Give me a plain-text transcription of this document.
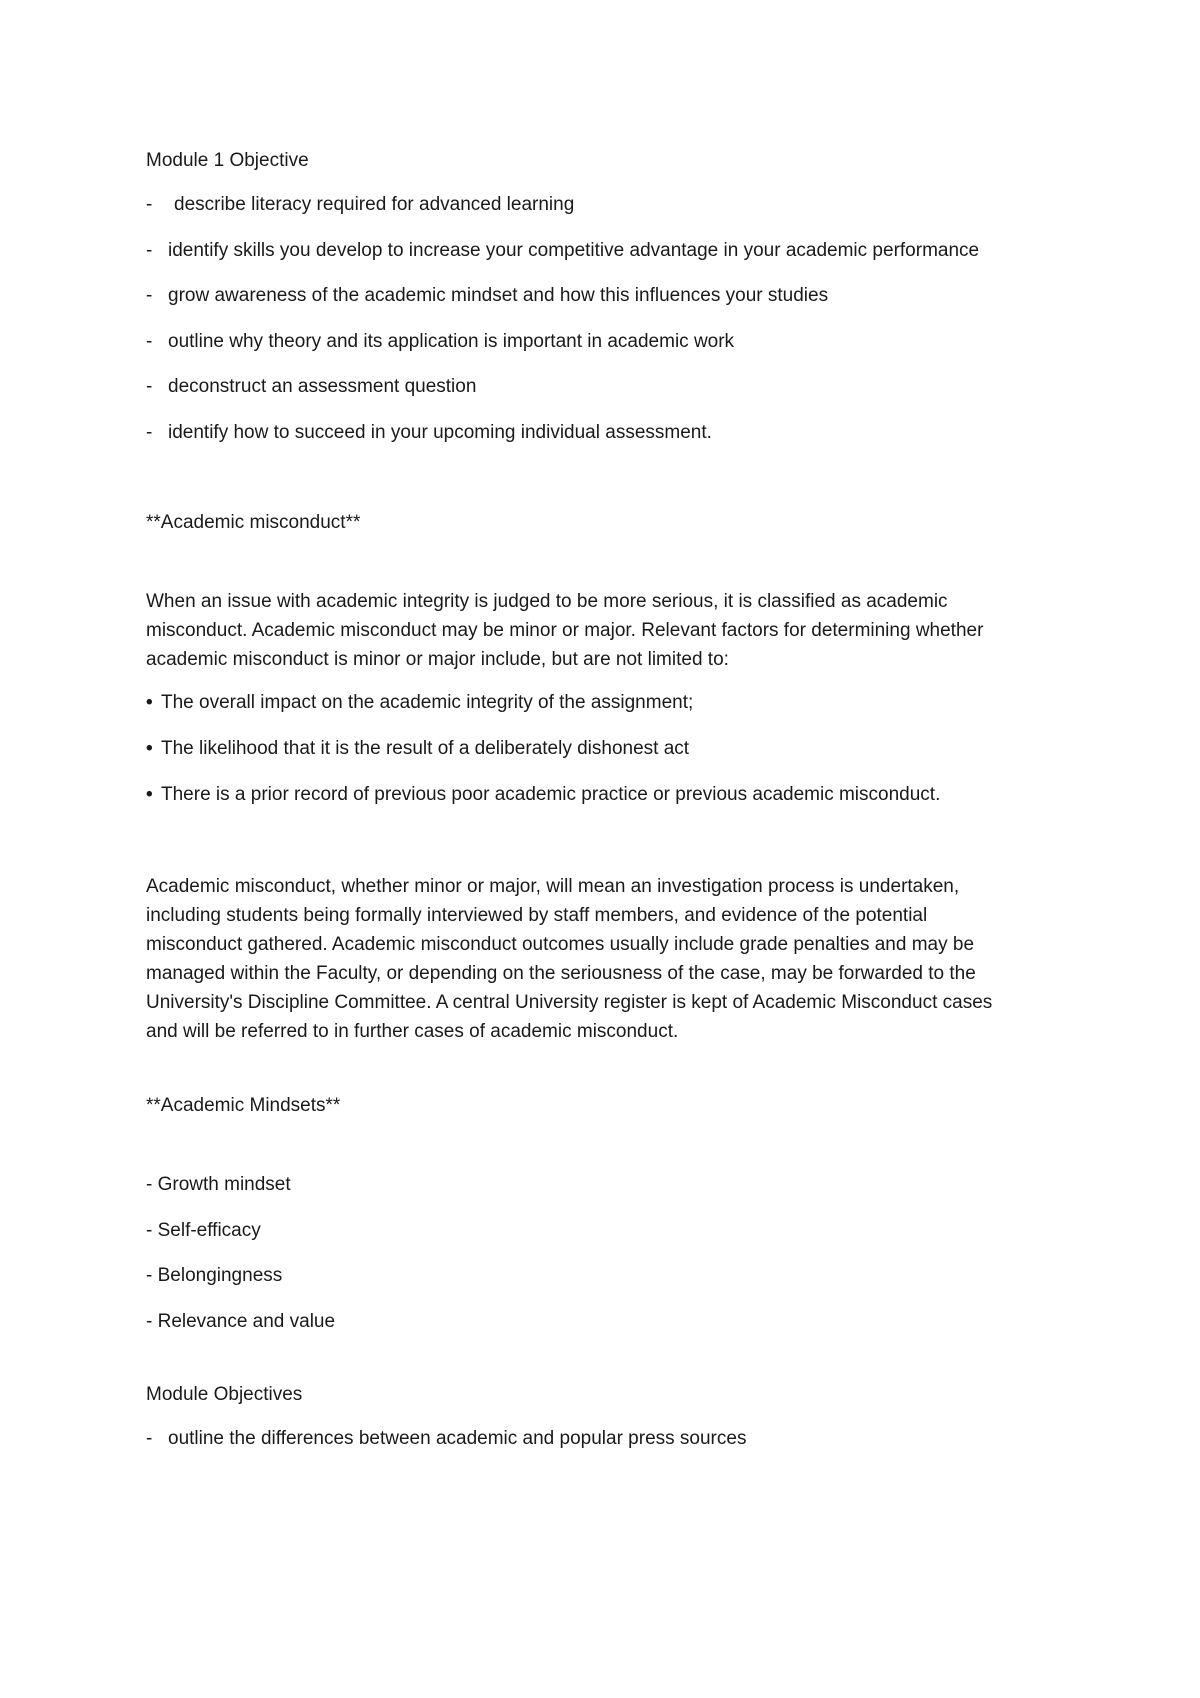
Module 1 Objective

-	describe literacy required for advanced learning
- identify skills you develop to increase your competitive advantage in your academic performance
- grow awareness of the academic mindset and how this influences your studies
- outline why theory and its application is important in academic work
- deconstruct an assessment question
- identify how to succeed in your upcoming individual assessment.

**Academic misconduct**

When an issue with academic integrity is judged to be more serious, it is classified as academic
misconduct. Academic misconduct may be minor or major. Relevant factors for determining whether
academic misconduct is minor or major include, but are not limited to:

• The overall impact on the academic integrity of the assignment;
• The likelihood that it is the result of a deliberately dishonest act
• There is a prior record of previous poor academic practice or previous academic misconduct.

Academic misconduct, whether minor or major, will mean an investigation process is undertaken,
including students being formally interviewed by staff members, and evidence of the potential
misconduct gathered. Academic misconduct outcomes usually include grade penalties and may be
managed within the Faculty, or depending on the seriousness of the case, may be forwarded to the
University's Discipline Committee. A central University register is kept of Academic Misconduct cases
and will be referred to in further cases of academic misconduct.

**Academic Mindsets**

- Growth mindset

- Self-efficacy

- Belongingness

- Relevance and value

Module Objectives

- outline the differences between academic and popular press sources
